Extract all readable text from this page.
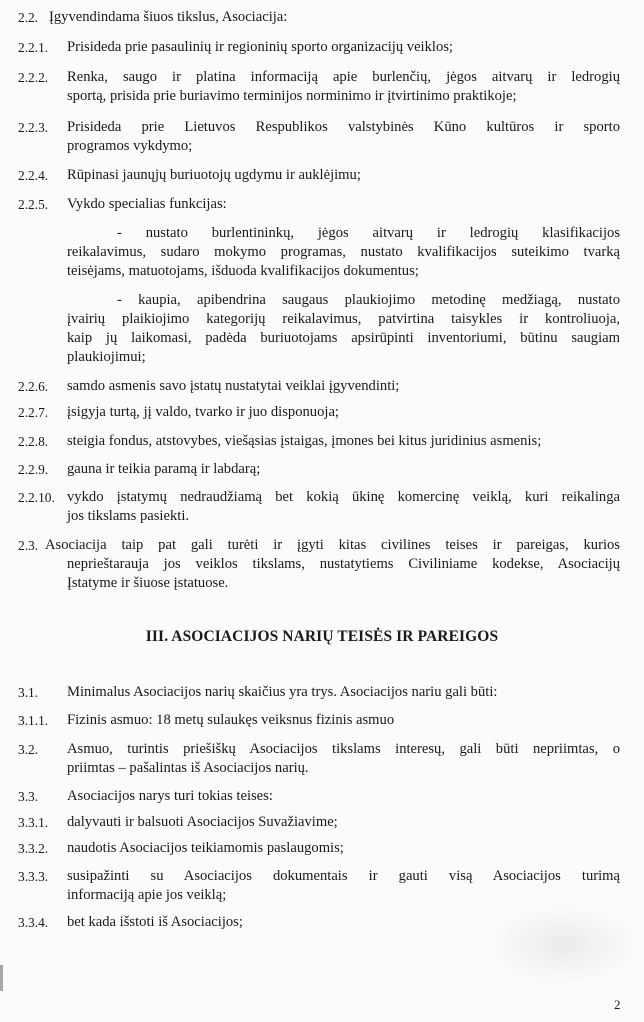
2.2. Įgyvendindama šiuos tikslus, Asociacija:
2.2.1. Prisideda prie pasaulinių ir regioninių sporto organizacijų veiklos;
2.2.2. Renka, saugo ir platina informaciją apie burlenčių, jėgos aitvarų ir ledrogių
sportą, prisida prie buriavimo terminijos norminimo ir įtvirtinimo praktikoje;
2.2.3. Prisideda prie Lietuvos Respublikos valstybinės Kūno kultūros ir sporto
programos vykdymo;
2.2.4. Rūpinasi jaunųjų buriuotojų ugdymu ir auklėjimu;
2.2.5. Vykdo specialias funkcijas:
- nustato burlentininkų, jėgos aitvarų ir ledrogių klasifikacijos
reikalavimus, sudaro mokymo programas, nustato kvalifikacijos suteikimo tvarką
teisėjams, matuotojams, išduoda kvalifikacijos dokumentus;
- kaupia, apibendrina saugaus plaukiojimo metodinę medžiagą, nustato
įvairių plaikiojimo kategorijų reikalavimus, patvirtina taisykles ir kontroliuoja,
kaip jų laikomasi, padėda buriuotojams apsirūpinti inventoriumi, būtinu saugiam
plaukiojimui;
2.2.6. samdo asmenis savo įstatų nustatytai veiklai įgyvendinti;
2.2.7. įsigyja turtą, jį valdo, tvarko ir juo disponuoja;
2.2.8. steigia fondus, atstovybes, viešąsias įstaigas, įmones bei kitus juridinius asmenis;
2.2.9. gauna ir teikia paramą ir labdarą;
2.2.10. vykdo įstatymų nedraudžiamą bet kokią ūkinę komercinę veiklą, kuri reikalinga
jos tikslams pasiekti.
2.3. Asociacija taip pat gali turėti ir įgyti kitas civilines teises ir pareigas, kurios
neprieštarauja jos veiklos tikslams, nustatytiems Civiliniame kodekse, Asociacijų
Įstatyme ir šiuose įstatuose.
III. ASOCIACIJOS NARIŲ TEISĖS IR PAREIGOS
3.1. Minimalus Asociacijos narių skaičius yra trys. Asociacijos nariu gali būti:
3.1.1. Fizinis asmuo: 18 metų sulaukęs veiksnus fizinis asmuo
3.2. Asmuo, turintis priešiškų Asociacijos tikslams interesų, gali būti nepriimtas, o
priimtas – pašalintas iš Asociacijos narių.
3.3. Asociacijos narys turi tokias teises:
3.3.1. dalyvauti ir balsuoti Asociacijos Suvažiavime;
3.3.2. naudotis Asociacijos teikiamomis paslaugomis;
3.3.3. susipažinti su Asociacijos dokumentais ir gauti visą Asociacijos turimą
informaciją apie jos veiklą;
3.3.4. bet kada išstoti iš Asociacijos;
2
